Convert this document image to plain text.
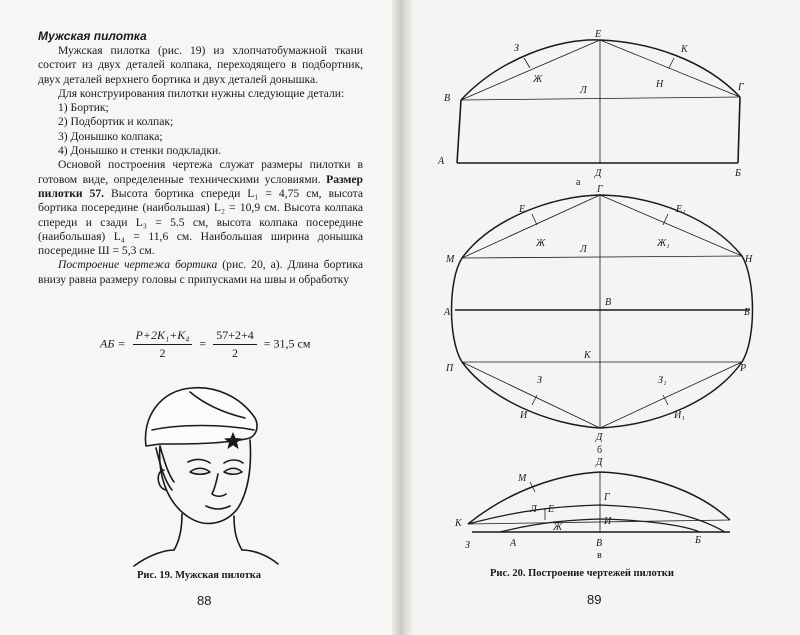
Мужская пилотка

Мужская пилотка (рис. 19) из хлопчатобумажной ткани состоит из двух деталей колпака, переходящего в подбортник, двух деталей верхнего бортика и двух деталей донышка.

Для конструирования пилотки нужны следующие детали:

1) Бортик;

2) Подбортик и колпак;

3) Донышко колпака;

4) Донышко и стенки подкладки.

Основой построения чертежа служат размеры пилотки в готовом виде, определенные техническими условиями. Размер пилотки 57. Высота бортика спереди L₁ = 4,75 см, высота бортика посередине (наибольшая) L₂ = 10,9 см. Высота колпака спереди и сзади L₃ = 5.5 см, высота колпака посередине (наибольшая) L₄ = 11,6 см. Наибольшая ширина донышка посередине Ш = 5,3 см.

Построение чертежа бортика (рис. 20, а). Длина бортика внизу равна размеру головы с припусками на швы и обработку

АБ = $\frac{\text{P+2K₁+K₄}}{2} = \frac{57+2+4}{2} = 31,5$ см
Рис. 19. Мужская пилотка
88
З
Е
К
В
Ж
Л
Н	Г
А
Д	Б
а
Г
Е	Е₁
Ж
Л
Ж₁
М	Н
А
В
Б
К
П	Р
З	З₁
И	И₁
Д
б
Д
М
Г
Л Е
И
К	Ж
З	А	В	Б
в
Рис. 20. Построение чертежей пилотки
89
